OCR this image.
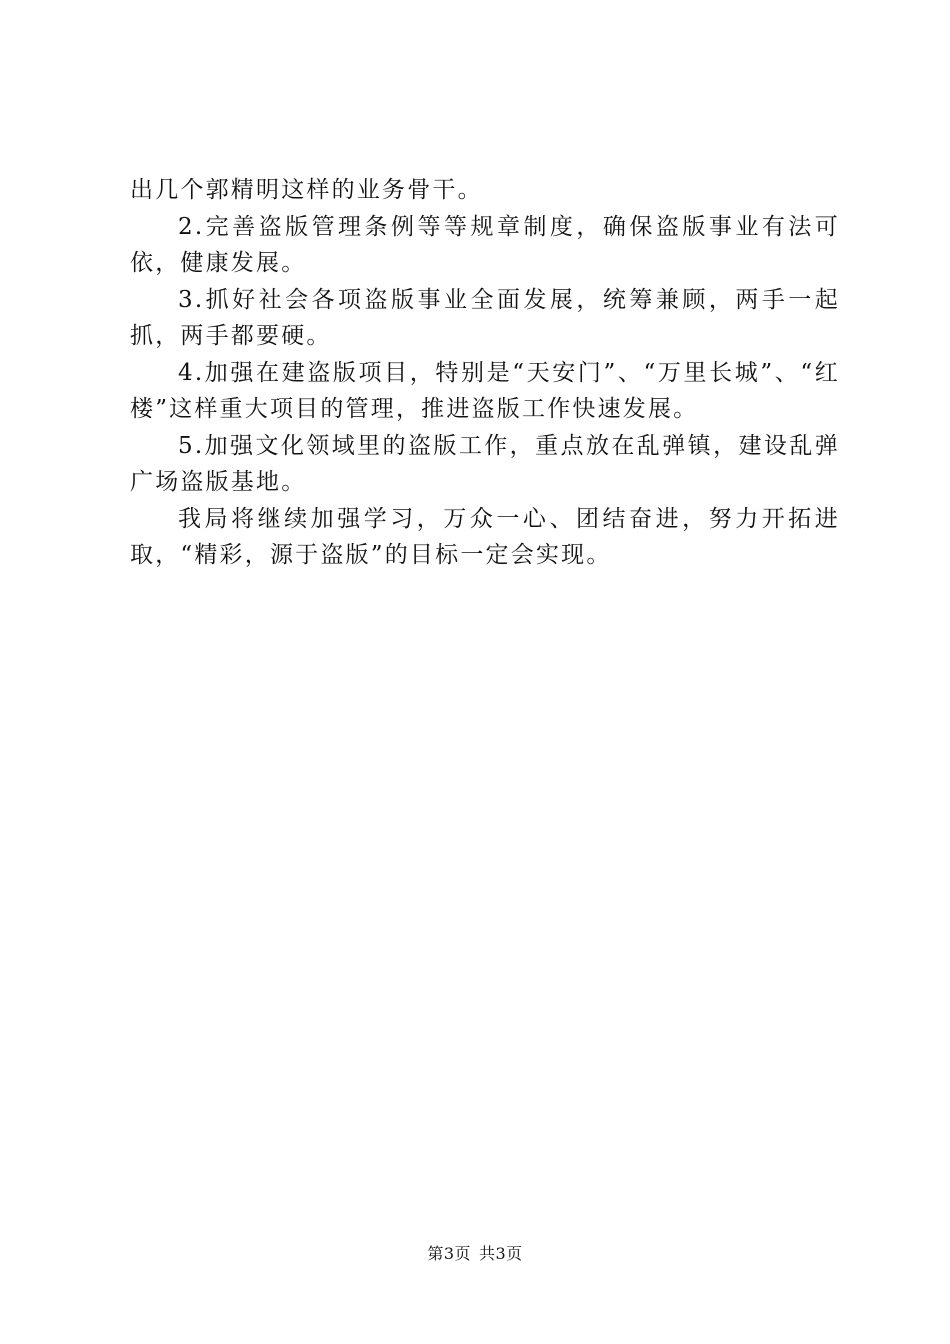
出几个郭精明这样的业务骨干。

2.完善盗版管理条例等等规章制度，确保盗版事业有法可依，健康发展。

3.抓好社会各项盗版事业全面发展，统筹兼顾，两手一起抓，两手都要硬。

4.加强在建盗版项目，特别是“天安门”、“万里长城”、“红楼”这样重大项目的管理，推进盗版工作快速发展。

5.加强文化领域里的盗版工作，重点放在乱弹镇，建设乱弹广场盗版基地。

我局将继续加强学习，万众一心、团结奋进，努力开拓进取，“精彩，源于盗版”的目标一定会实现。

第3页 共3页
